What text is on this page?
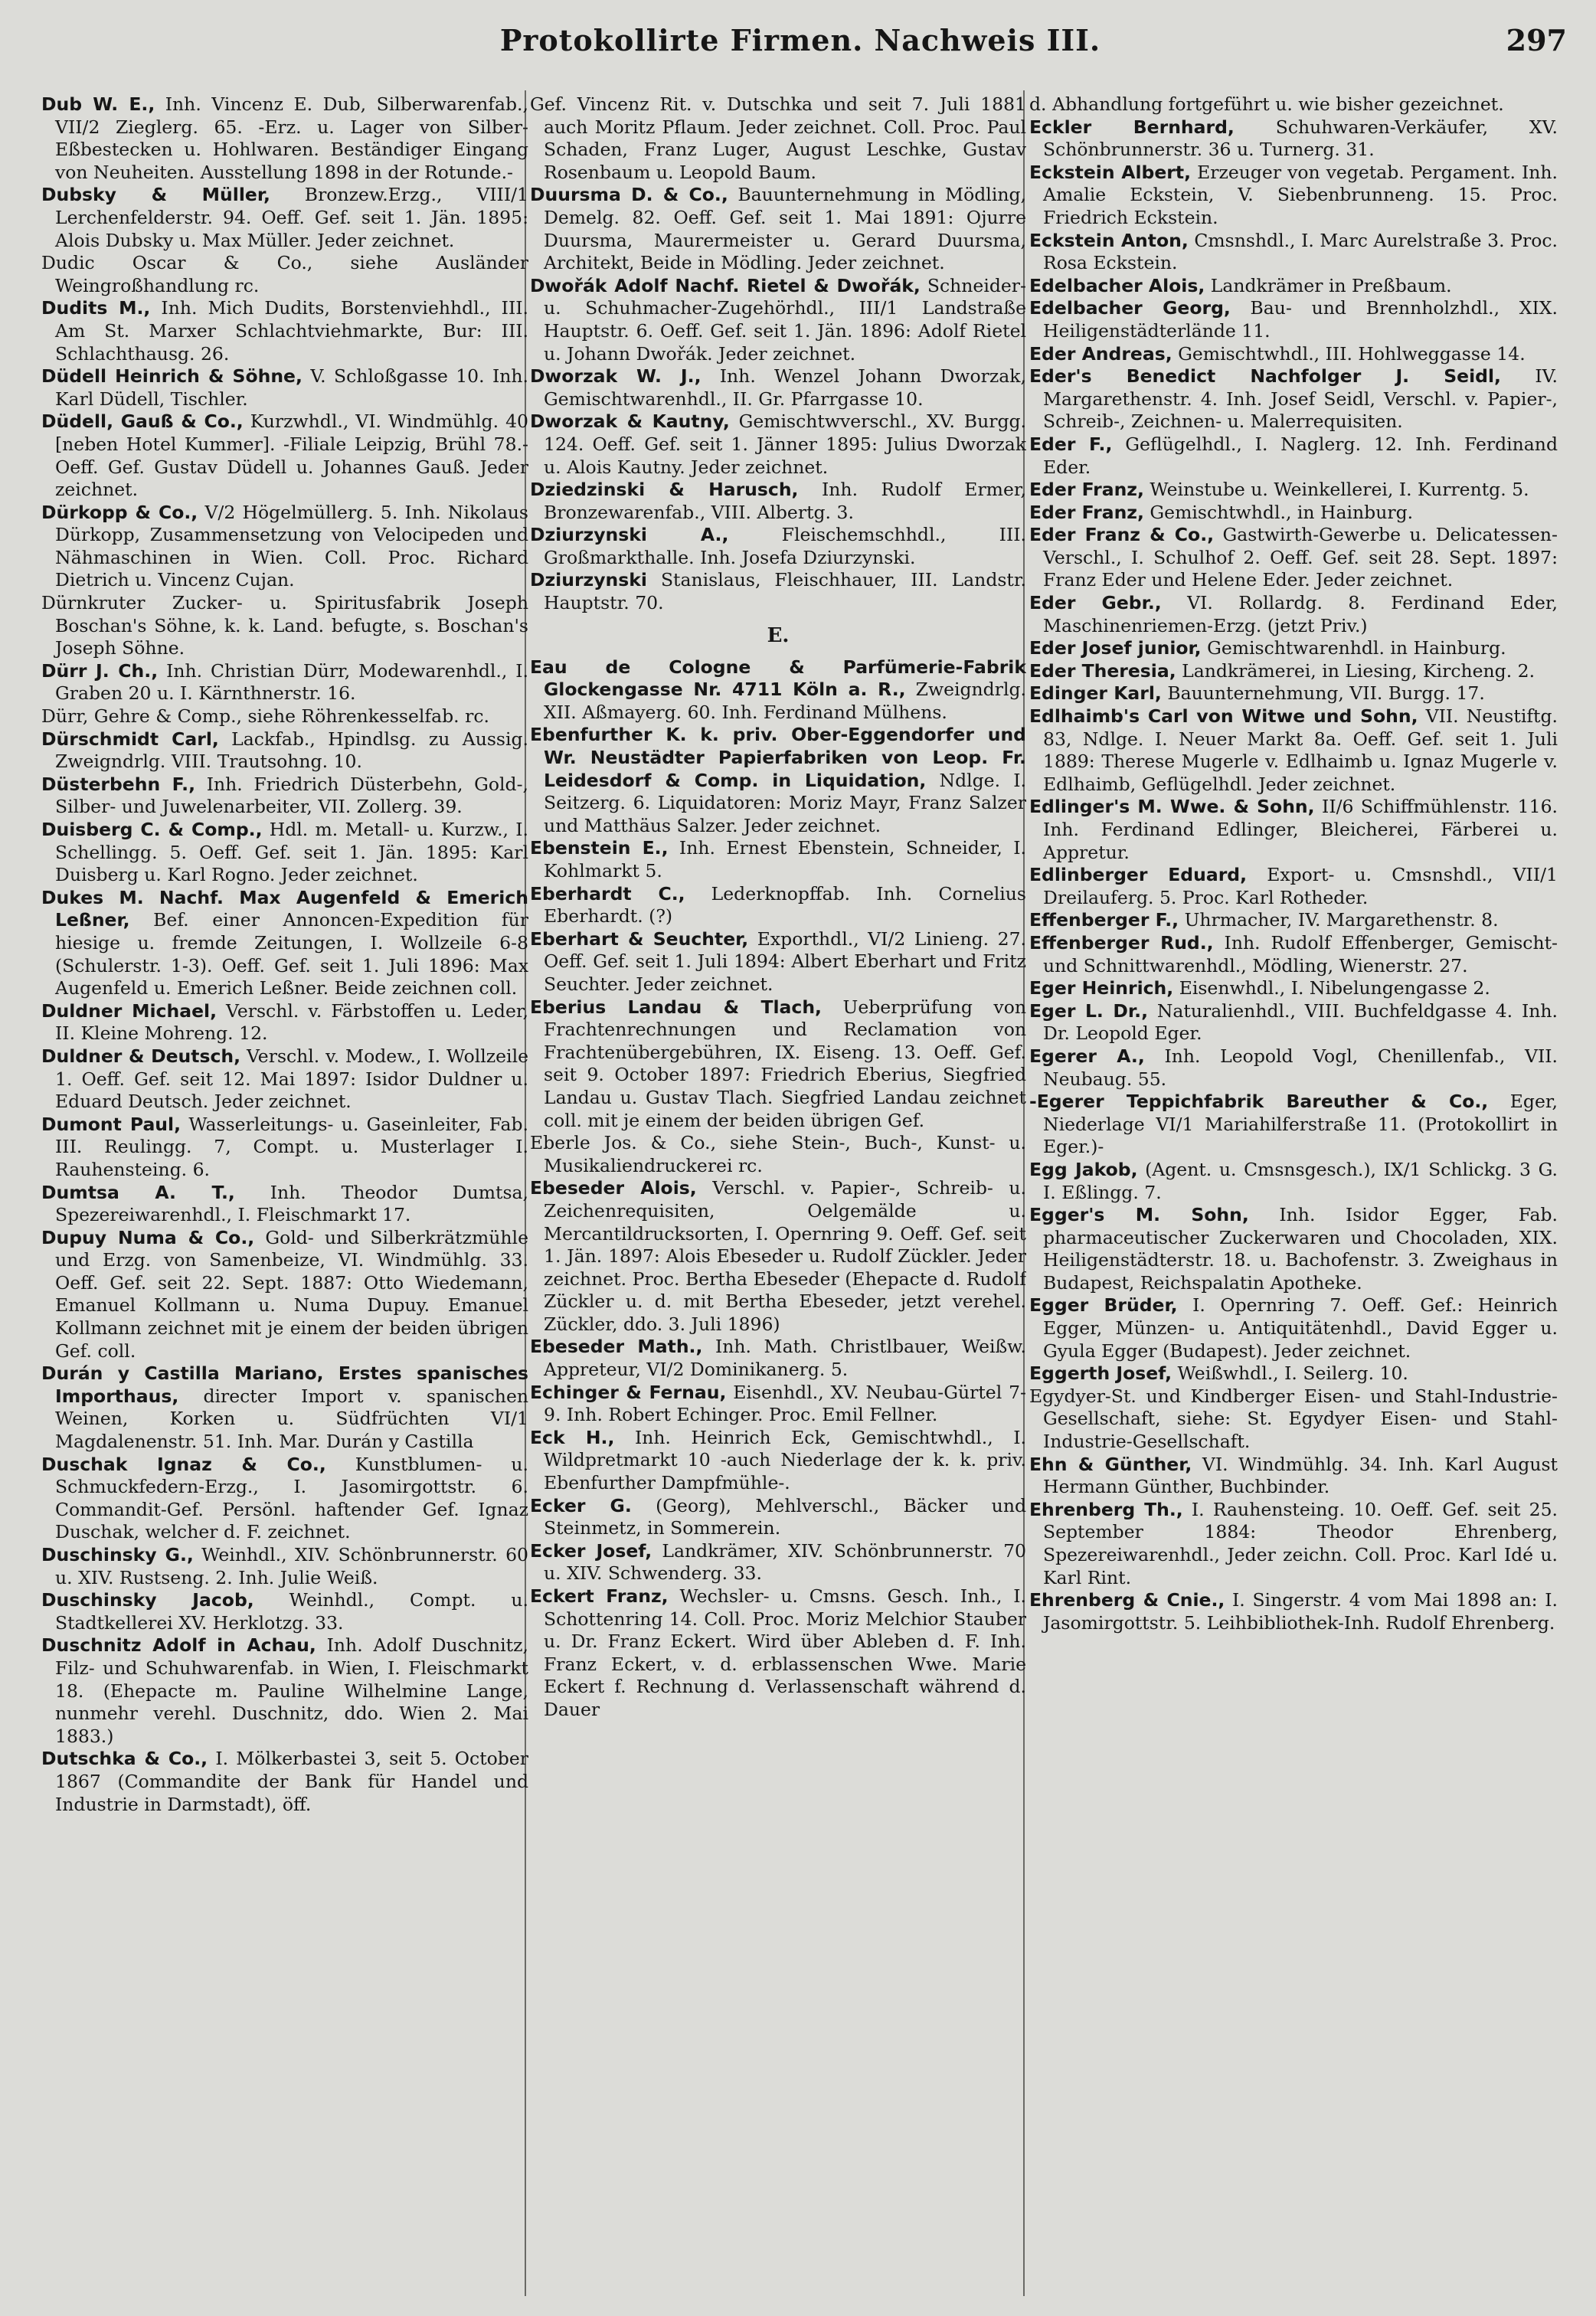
Protokollirte Firmen. Nachweis III.	297

Dub W. E., Inh. Vincenz E. Dub, Silberwarenfab., VII/2 Zieglerg. 65. -Erz. u. Lager von Silber-Eßbestecken u. Hohlwaren. Beständiger Eingang von Neuheiten. Ausstellung 1898 in der Rotunde.-

Dubsky & Müller, Bronzew.Erzg., VIII/1 Lerchenfelderstr. 94. Oeff. Gef. seit 1. Jän. 1895: Alois Dubsky u. Max Müller. Jeder zeichnet.

Dudic Oscar & Co., siehe Ausländer Weingroßhandlung rc.

Dudits M., Inh. Mich Dudits, Borstenviehhdl., III. Am St. Marxer Schlachtviehmarkte, Bur: III. Schlachthausg. 26.

Düdell Heinrich & Söhne, V. Schloßgasse 10. Inh. Karl Düdell, Tischler.

Düdell, Gauß & Co., Kurzwhdl., VI. Windmühlg. 40 [neben Hotel Kummer]. -Filiale Leipzig, Brühl 78.- Oeff. Gef. Gustav Düdell u. Johannes Gauß. Jeder zeichnet.

Dürkopp & Co., V/2 Högelmüllerg. 5. Inh. Nikolaus Dürkopp, Zusammensetzung von Velocipeden und Nähmaschinen in Wien. Coll. Proc. Richard Dietrich u. Vincenz Cujan.

Dürnkruter Zucker- u. Spiritusfabrik Joseph Boschan's Söhne, k. k. Land. befugte, s. Boschan's Joseph Söhne.

Dürr J. Ch., Inh. Christian Dürr, Modewarenhdl., I. Graben 20 u. I. Kärnthnerstr. 16.

Dürr, Gehre & Comp., siehe Röhrenkesselfab. rc.

Dürschmidt Carl, Lackfab., Hpindlsg. zu Aussig. Zweigndrlg. VIII. Trautsohng. 10.

Düsterbehn F., Inh. Friedrich Düsterbehn, Gold-, Silber- und Juwelenarbeiter, VII. Zollerg. 39.

Duisberg C. & Comp., Hdl. m. Metall- u. Kurzw., I. Schellingg. 5. Oeff. Gef. seit 1. Jän. 1895: Karl Duisberg u. Karl Rogno. Jeder zeichnet.

Dukes M. Nachf. Max Augenfeld & Emerich Leßner, Bef. einer Annoncen-Expedition für hiesige u. fremde Zeitungen, I. Wollzeile 6-8 (Schulerstr. 1-3). Oeff. Gef. seit 1. Juli 1896: Max Augenfeld u. Emerich Leßner. Beide zeichnen coll.

Duldner Michael, Verschl. v. Färbstoffen u. Leder, II. Kleine Mohreng. 12.

Duldner & Deutsch, Verschl. v. Modew., I. Wollzeile 1. Oeff. Gef. seit 12. Mai 1897: Isidor Duldner u. Eduard Deutsch. Jeder zeichnet.

Dumont Paul, Wasserleitungs- u. Gaseinleiter, Fab. III. Reulingg. 7, Compt. u. Musterlager I. Rauhensteing. 6.

Dumtsa A. T., Inh. Theodor Dumtsa, Spezereiwarenhdl., I. Fleischmarkt 17.

Dupuy Numa & Co., Gold- und Silberkrätzmühle und Erzg. von Samenbeize, VI. Windmühlg. 33. Oeff. Gef. seit 22. Sept. 1887: Otto Wiedemann, Emanuel Kollmann u. Numa Dupuy. Emanuel Kollmann zeichnet mit je einem der beiden übrigen Gef. coll.

Durán y Castilla Mariano, Erstes spanisches Importhaus, directer Import v. spanischen Weinen, Korken u. Südfrüchten VI/1 Magdalenenstr. 51. Inh. Mar. Durán y Castilla

Duschak Ignaz & Co., Kunstblumen- u. Schmuckfedern-Erzg., I. Jasomirgottstr. 6. Commandit-Gef. Persönl. haftender Gef. Ignaz Duschak, welcher d. F. zeichnet.

Duschinsky G., Weinhdl., XIV. Schönbrunnerstr. 60 u. XIV. Rustseng. 2. Inh. Julie Weiß.

Duschinsky Jacob, Weinhdl., Compt. u. Stadtkellerei XV. Herklotzg. 33.

Duschnitz Adolf in Achau, Inh. Adolf Duschnitz, Filz- und Schuhwarenfab. in Wien, I. Fleischmarkt 18. (Ehepacte m. Pauline Wilhelmine Lange, nunmehr verehl. Duschnitz, ddo. Wien 2. Mai 1883.)

Dutschka & Co., I. Mölkerbastei 3, seit 5. October 1867 (Commandite der Bank für Handel und Industrie in Darmstadt), öff.

Gef. Vincenz Rit. v. Dutschka und seit 7. Juli 1881 auch Moritz Pflaum. Jeder zeichnet. Coll. Proc. Paul Schaden, Franz Luger, August Leschke, Gustav Rosenbaum u. Leopold Baum.

Duursma D. & Co., Bauunternehmung in Mödling, Demelg. 82. Oeff. Gef. seit 1. Mai 1891: Ojurre Duursma, Maurermeister u. Gerard Duursma, Architekt, Beide in Mödling. Jeder zeichnet.

Dwořák Adolf Nachf. Rietel & Dwořák, Schneider- u. Schuhmacher-Zugehörhdl., III/1 Landstraße Hauptstr. 6. Oeff. Gef. seit 1. Jän. 1896: Adolf Rietel u. Johann Dwořák. Jeder zeichnet.

Dworzak W. J., Inh. Wenzel Johann Dworzak, Gemischtwarenhdl., II. Gr. Pfarrgasse 10.

Dworzak & Kautny, Gemischtwverschl., XV. Burgg. 124. Oeff. Gef. seit 1. Jänner 1895: Julius Dworzak u. Alois Kautny. Jeder zeichnet.

Dziedzinski & Harusch, Inh. Rudolf Ermer, Bronzewarenfab., VIII. Albertg. 3.

Dziurzynski A.,	Fleischemschhdl., III. Großmarkthalle. Inh. Josefa Dziurzynski.

Dziurzynski Stanislaus, Fleischhauer, III. Landstr. Hauptstr. 70.

E.

Eau de Cologne & Parfümerie-Fabrik Glockengasse Nr. 4711 Köln a. R., Zweigndrlg. XII. Aßmayerg. 60. Inh. Ferdinand Mülhens.

Ebenfurther K. k. priv. Ober-Eggendorfer und Wr. Neustädter Papierfabriken von Leop. Fr. Leidesdorf & Comp. in Liquidation, Ndlge. I. Seitzerg. 6. Liquidatoren: Moriz Mayr, Franz Salzer und Matthäus Salzer. Jeder zeichnet.

Ebenstein E., Inh. Ernest Ebenstein, Schneider, I. Kohlmarkt 5.

Eberhardt C., Lederknopffab. Inh. Cornelius Eberhardt. (?)

Eberhart & Seuchter, Exporthdl., VI/2 Linieng. 27. Oeff. Gef. seit 1. Juli 1894: Albert Eberhart und Fritz Seuchter. Jeder zeichnet.

Eberius Landau & Tlach, Ueberprüfung von Frachtenrechnungen und Reclamation von Frachtenübergebühren, IX. Eiseng. 13. Oeff. Gef. seit 9. October 1897: Friedrich Eberius, Siegfried Landau u. Gustav Tlach. Siegfried Landau zeichnet coll. mit je einem der beiden übrigen Gef.

Eberle Jos. & Co., siehe Stein-, Buch-, Kunst- u. Musikaliendruckerei rc.

Ebeseder Alois, Verschl. v. Papier-, Schreib- u. Zeichenrequisiten, Oelgemälde u. Mercantildrucksorten, I. Opernring 9. Oeff. Gef. seit 1. Jän. 1897: Alois Ebeseder u. Rudolf Zückler. Jeder zeichnet. Proc. Bertha Ebeseder (Ehepacte d. Rudolf Zückler u. d. mit Bertha Ebeseder, jetzt verehel. Zückler, ddo. 3. Juli 1896)

Ebeseder Math., Inh. Math. Christlbauer, Weißw. Appreteur, VI/2 Dominikanerg. 5.

Echinger & Fernau, Eisenhdl., XV. Neubau-Gürtel 7-9. Inh. Robert Echinger. Proc. Emil Fellner.

Eck H., Inh. Heinrich Eck, Gemischtwhdl., I. Wildpretmarkt 10 -auch Niederlage der k. k. priv. Ebenfurther Dampfmühle-.

Ecker G. (Georg), Mehlverschl., Bäcker und Steinmetz, in Sommerein.

Ecker Josef, Landkrämer, XIV. Schönbrunnerstr. 70 u. XIV. Schwenderg. 33.

Eckert Franz, Wechsler- u. Cmsns. Gesch. Inh., I. Schottenring 14. Coll. Proc. Moriz Melchior Stauber u. Dr. Franz Eckert. Wird über Ableben d. F. Inh. Franz Eckert, v. d. erblassenschen Wwe. Marie Eckert f. Rechnung d. Verlassenschaft während d. Dauer

d. Abhandlung fortgeführt u. wie bisher gezeichnet.

Eckler Bernhard, Schuhwaren-Verkäufer, XV. Schönbrunnerstr. 36 u. Turnerg. 31.

Eckstein Albert, Erzeuger von vegetab. Pergament. Inh. Amalie Eckstein, V. Siebenbrunneng. 15. Proc. Friedrich Eckstein.

Eckstein Anton, Cmsnshdl., I. Marc Aurelstraße 3. Proc. Rosa Eckstein.

Edelbacher Alois, Landkrämer in Preßbaum.

Edelbacher Georg, Bau- und Brennholzhdl., XIX. Heiligenstädterlände 11.

Eder Andreas, Gemischtwhdl., III. Hohlweggasse 14.

Eder's Benedict Nachfolger J. Seidl, IV. Margarethenstr. 4. Inh. Josef Seidl, Verschl. v. Papier-, Schreib-, Zeichnen- u. Malerrequisiten.

Eder F., Geflügelhdl., I. Naglerg. 12. Inh. Ferdinand Eder.

Eder Franz, Weinstube u. Weinkellerei, I. Kurrentg. 5.

Eder Franz, Gemischtwhdl., in Hainburg.

Eder Franz & Co., Gastwirth-Gewerbe u. Delicatessen-Verschl., I. Schulhof 2. Oeff. Gef. seit 28. Sept. 1897: Franz Eder und Helene Eder. Jeder zeichnet.

Eder Gebr., VI. Rollardg. 8. Ferdinand Eder, Maschinenriemen-Erzg. (jetzt Priv.)

Eder Josef junior, Gemischtwarenhdl. in Hainburg.

Eder Theresia, Landkrämerei, in Liesing, Kircheng. 2.

Edinger Karl, Bauunternehmung, VII. Burgg. 17.

Edlhaimb's Carl von Witwe und Sohn, VII. Neustiftg. 83, Ndlge. I. Neuer Markt 8a. Oeff. Gef. seit 1. Juli 1889: Therese Mugerle v. Edlhaimb u. Ignaz Mugerle v. Edlhaimb, Geflügelhdl. Jeder zeichnet.

Edlinger's M. Wwe. & Sohn, II/6 Schiffmühlenstr. 116. Inh. Ferdinand Edlinger, Bleicherei, Färberei u. Appretur.

Edlinberger Eduard, Export- u. Cmsnshdl., VII/1 Dreilauferg. 5. Proc. Karl Rotheder.

Effenberger F., Uhrmacher, IV. Margarethenstr. 8.

Effenberger Rud., Inh. Rudolf Effenberger, Gemischt- und Schnittwarenhdl., Mödling, Wienerstr. 27.

Eger Heinrich, Eisenwhdl., I. Nibelungengasse 2.

Eger L. Dr., Naturalienhdl., VIII. Buchfeldgasse 4. Inh. Dr. Leopold Eger.

Egerer A., Inh. Leopold Vogl, Chenillenfab., VII. Neubaug. 55.

-Egerer Teppichfabrik Bareuther & Co., Eger, Niederlage VI/1 Mariahilferstraße 11. (Protokollirt in Eger.)-

Egg Jakob, (Agent. u. Cmsnsgesch.), IX/1 Schlickg. 3 G. I. Eßlingg. 7.

Egger's M. Sohn, Inh. Isidor Egger, Fab. pharmaceutischer Zuckerwaren und Chocoladen, XIX. Heiligenstädterstr. 18. u. Bachofenstr. 3. Zweighaus in Budapest, Reichspalatin Apotheke.

Egger Brüder, I. Opernring 7. Oeff. Gef.: Heinrich Egger, Münzen- u. Antiquitätenhdl., David Egger u. Gyula Egger (Budapest). Jeder zeichnet.

Eggerth Josef, Weißwhdl., I. Seilerg. 10.

Egydyer-St. und Kindberger Eisen- und Stahl-Industrie-Gesellschaft, siehe: St. Egydyer Eisen- und Stahl-Industrie-Gesellschaft.

Ehn & Günther, VI. Windmühlg. 34. Inh. Karl August Hermann Günther, Buchbinder.

Ehrenberg Th., I. Rauhensteing. 10. Oeff. Gef. seit 25. September 1884: Theodor Ehrenberg, Spezereiwarenhdl., Jeder zeichn. Coll. Proc. Karl Idé u. Karl Rint.

Ehrenberg & Cnie., I. Singerstr. 4 vom Mai 1898 an: I. Jasomirgottstr. 5. Leihbibliothek-Inh. Rudolf Ehrenberg.
